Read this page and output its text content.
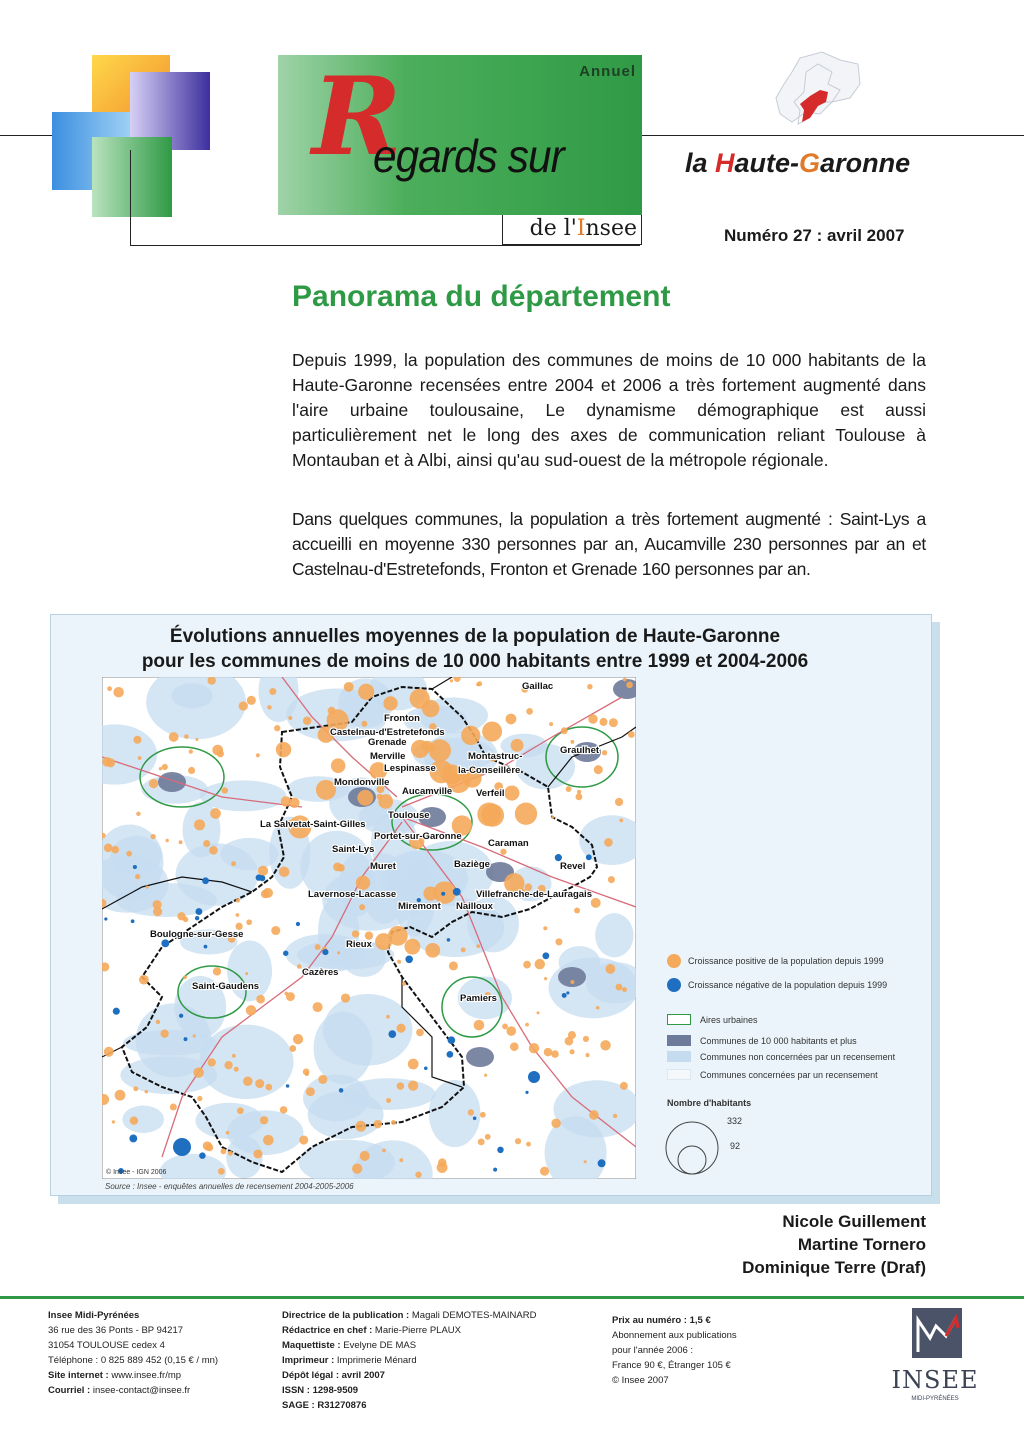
Annuel
R
egards sur
de l'Insee
la Haute-Garonne
Numéro 27 : avril 2007
Panorama du département
Depuis 1999, la population des communes de moins de 10 000 habitants de la Haute-Garonne recensées entre 2004 et 2006 a très fortement augmenté dans l'aire urbaine toulousaine, Le dynamisme démographique est aussi particulièrement net le long des axes de communication reliant Toulouse à Montauban et à Albi, ainsi qu'au sud-ouest de la métropole régionale.
Dans quelques communes, la population a très fortement augmenté : Saint-Lys a accueilli en moyenne 330 personnes par an, Aucamville 230 personnes par an et Castelnau-d'Estretefonds, Fronton et Grenade 160 personnes par an.
Évolutions annuelles moyennes de la population de Haute-Garonne
pour les communes de moins de 10 000 habitants entre 1999 et 2004-2006
Gaillac
Fronton
Castelnau-d'Estretefonds
Grenade
Merville	Montastruc-
la-Conseillère
Graulhet
Lespinasse
Mondonville
Aucamville	Verfeil
Toulouse
La Salvetat-Saint-Gilles
Portet-sur-Garonne
Caraman
Saint-Lys
Muret	Baziège	Revel
Lavernose-Lacasse	Villefranche-de-Lauragais
Miremont Nailloux
Boulogne-sur-Gesse
Rieux
Cazères
Saint-Gaudens
Pamiers
© Insee - IGN 2006
Source : Insee - enquêtes annuelles de recensement 2004-2005-2006
Croissance positive de la population depuis 1999
Croissance négative de la population depuis 1999
Aires urbaines
Communes de 10 000 habitants et plus
Communes non concernées par un recensement
Communes concernées par un recensement
Nombre d'habitants
332
92
Nicole Guillement
Martine Tornero
Dominique Terre (Draf)
Insee Midi-Pyrénées
36 rue des 36 Ponts - BP 94217
31054 TOULOUSE cedex 4
Téléphone : 0 825 889 452 (0,15 € / mn)
Site internet : www.insee.fr/mp
Courriel : insee-contact@insee.fr
Directrice de la publication : Magali DEMOTES-MAINARD
Rédactrice en chef : Marie-Pierre PLAUX
Maquettiste : Evelyne DE MAS
Imprimeur : Imprimerie Ménard
Dépôt légal : avril 2007
ISSN : 1298-9509
SAGE : R31270876
Prix au numéro : 1,5 €
Abonnement aux publications
pour l'année 2006 :
France 90 €, Étranger 105 €
© Insee 2007	INSEE
MIDI-PYRÉNÉES
